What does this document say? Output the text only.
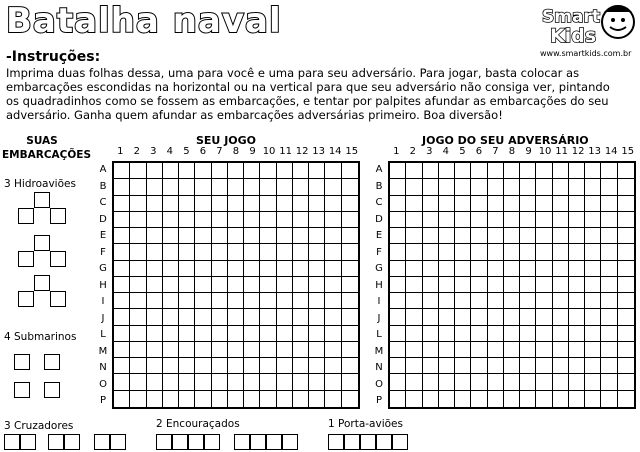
Batalha naval	Smart
Kids
www.smartkids.com.br
-Instruções:
Imprima duas folhas dessa, uma para você e uma para seu adversário. Para jogar, basta colocar as embarcações escondidas na horizontal ou na vertical para que seu adversário não consiga ver, pintando os quadradinhos como se fossem as embarcações, e tentar por palpites afundar as embarcações do seu adversário. Ganha quem afundar as embarcações adversárias primeiro. Boa diversão!
SUAS EMBARCAÇÕES
3 Hidroaviões
4 Submarinos
3 Cruzadores	2 Encouraçados	1 Porta-aviões
SEU JOGO	JOGO DO SEU ADVERSÁRIO
1	2	3	4	5	6	7	8	9 10 11 12 13 14 15
A
B
C
D
E
F
G
H
I
J
L
M
N
O
P
1	2	3	4	5	6	7	8	9 10 11 12 13 14 15
A
B
C
D
E
F
G
H
I
J
L
M
N
O
P
